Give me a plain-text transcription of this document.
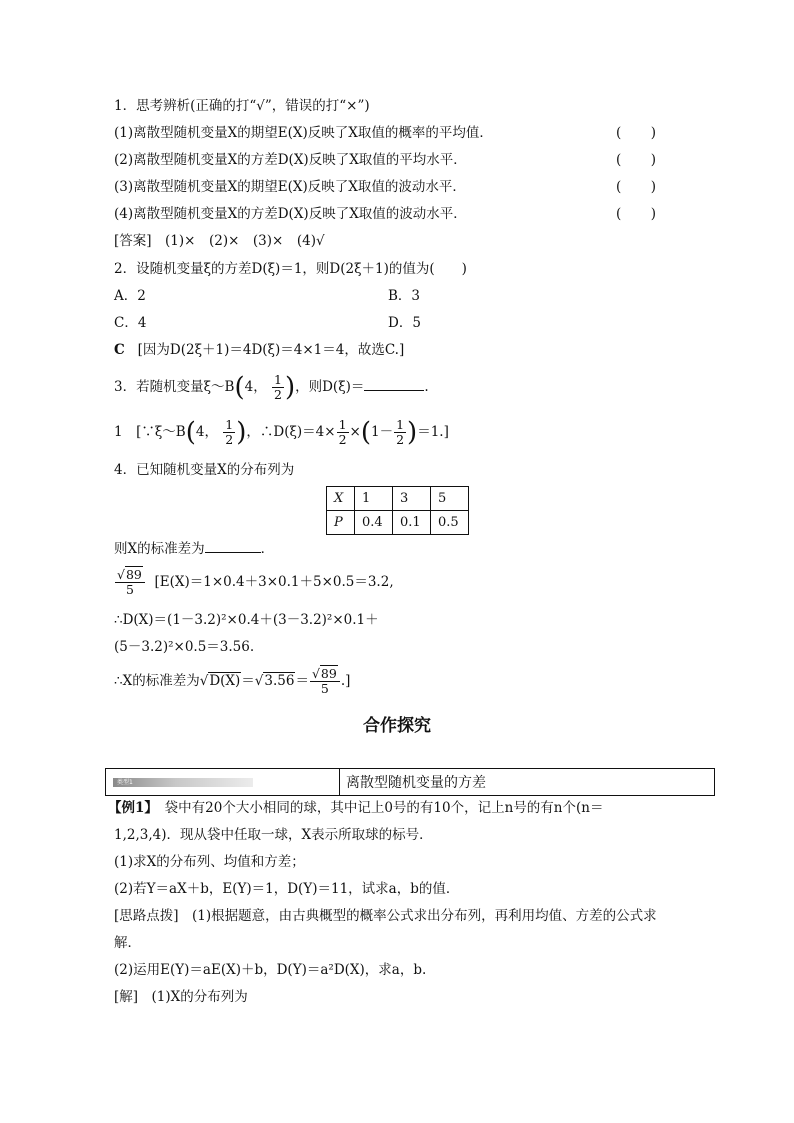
1．思考辨析(正确的打“√”，错误的打“×”)
(1)离散型随机变量X的期望E(X)反映了X取值的概率的平均值．	( )
(2)离散型随机变量X的方差D(X)反映了X取值的平均水平．	( )
(3)离散型随机变量X的期望E(X)反映了X取值的波动水平．	( )
(4)离散型随机变量X的方差D(X)反映了X取值的波动水平．	( )
[答案]　(1)×　(2)×　(3)×　(4)√
2．设随机变量ξ的方差D(ξ)＝1，则D(2ξ＋1)的值为(　　)
A．2	B．3
C．4	D．5
C [因为D(2ξ＋1)＝4D(ξ)＝4×1＝4，故选C.]
3．若随机变量ξ～B(4， $\frac{1}{2}$ )，则D(ξ)＝	.
1　[∵ξ～B(4， $\frac{1}{2}$ )，∴D(ξ)＝4× $\frac{1}{2} \times(1- \frac{1}{2} )=1$.]
4．已知随机变量X的分布列为
X	1	3	5
P	0.4	0.1	0.5
则X的标准差为	．
$\frac{√89}{5} [E(X)=1\times 0.4+3\times 0.1+5\times 0.5=3.2$,
∴D(X)＝(1－3.2)²×0.4＋(3－3.2)²×0.1＋
(5－3.2)²×0.5＝3.56.
∴X的标准差为$√D(X)=√3.56= \frac{√89}{5}$ .]
合作探究
类型1	离散型随机变量的方差
【例1】　袋中有20个大小相同的球，其中记上0号的有10个，记上n号的有n个(n＝
1,2,3,4)．现从袋中任取一球，X表示所取球的标号．
(1)求X的分布列、均值和方差；
(2)若Y＝aX＋b，E(Y)＝1，D(Y)＝11，试求a，b的值．
[思路点拨]　(1)根据题意，由古典概型的概率公式求出分布列，再利用均值、方差的公式求
解．
(2)运用E(Y)＝aE(X)＋b，D(Y)＝a²D(X)，求a，b.
[解]　(1)X的分布列为
